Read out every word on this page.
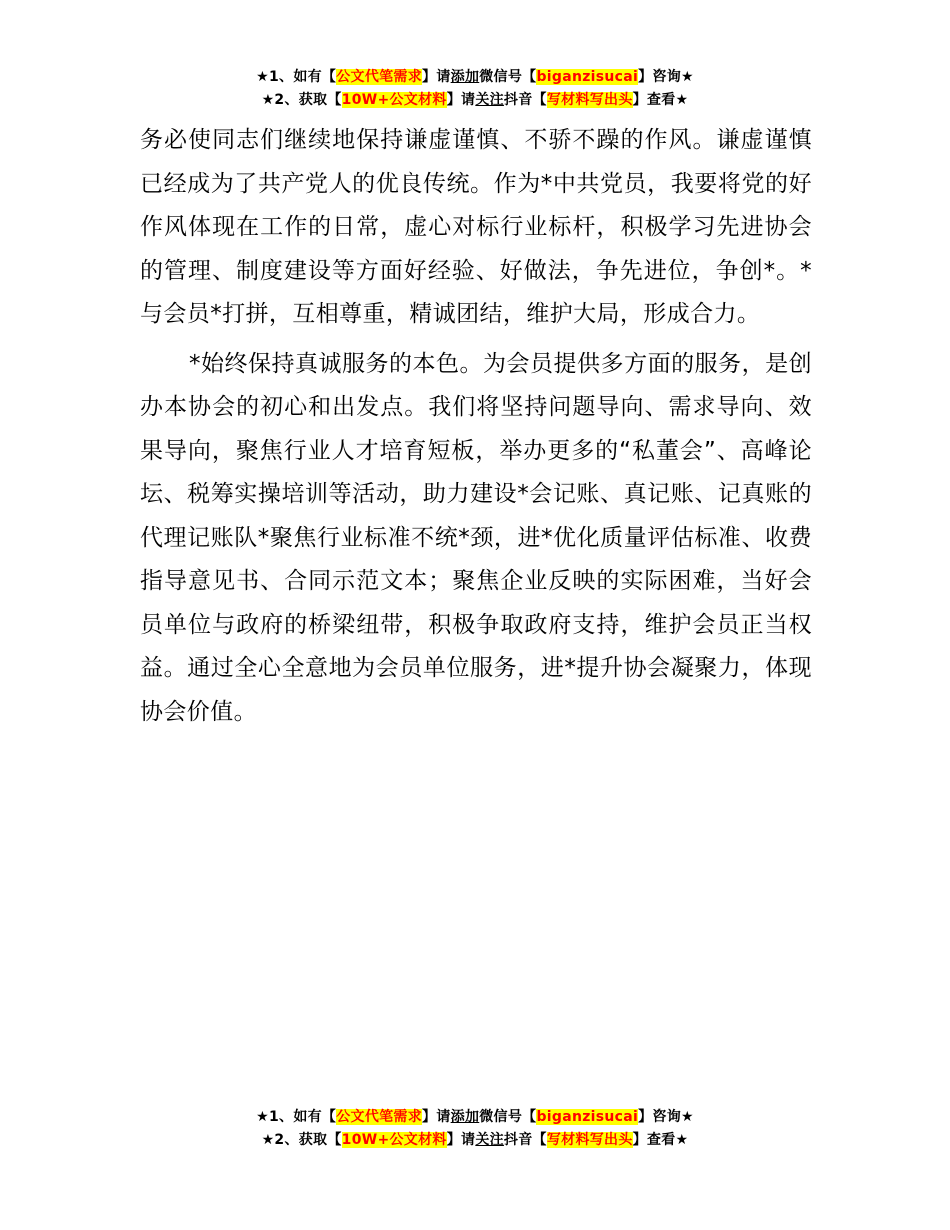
★1、如有【公文代笔需求】请添加微信号【biganzisucai】咨询★
★2、获取【10W+公文材料】请关注抖音【写材料写出头】查看★

务必使同志们继续地保持谦虚谨慎、不骄不躁的作风。谦虚谨慎已经成为了共产党人的优良传统。作为*中共党员，我要将党的好作风体现在工作的日常，虚心对标行业标杆，积极学习先进协会的管理、制度建设等方面好经验、好做法，争先进位，争创*。*与会员*打拼，互相尊重，精诚团结，维护大局，形成合力。

*始终保持真诚服务的本色。为会员提供多方面的服务，是创办本协会的初心和出发点。我们将坚持问题导向、需求导向、效果导向，聚焦行业人才培育短板，举办更多的“私董会”、高峰论坛、税筹实操培训等活动，助力建设*会记账、真记账、记真账的代理记账队*聚焦行业标准不统*颈，进*优化质量评估标准、收费指导意见书、合同示范文本；聚焦企业反映的实际困难，当好会员单位与政府的桥梁纽带，积极争取政府支持，维护会员正当权益。通过全心全意地为会员单位服务，进*提升协会凝聚力，体现协会价值。

★1、如有【公文代笔需求】请添加微信号【biganzisucai】咨询★
★2、获取【10W+公文材料】请关注抖音【写材料写出头】查看★
